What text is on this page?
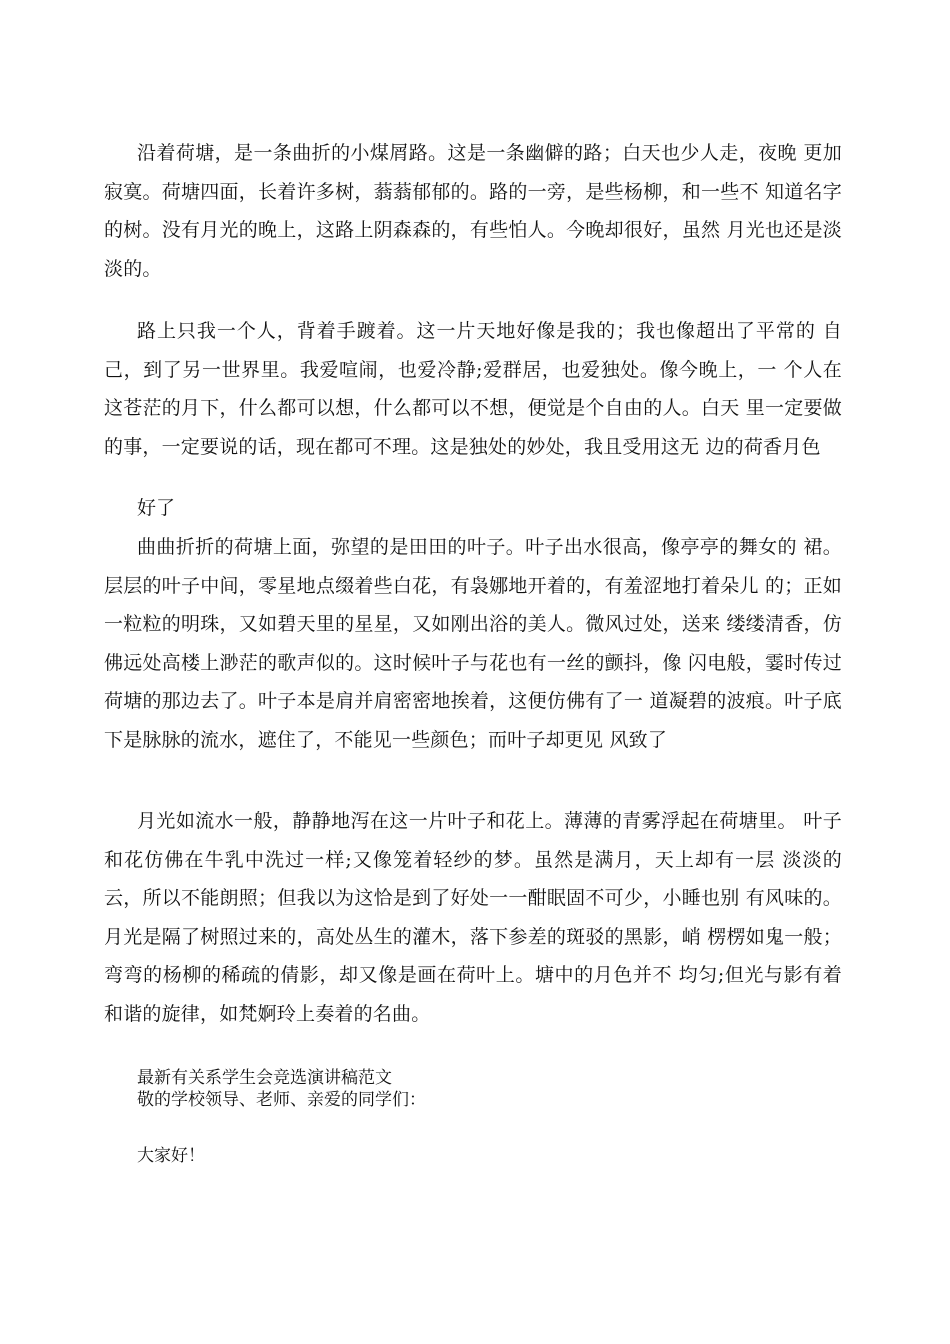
沿着荷塘，是一条曲折的小煤屑路。这是一条幽僻的路；白天也少人走，夜晚 更加寂寞。荷塘四面，长着许多树，蓊蓊郁郁的。路的一旁，是些杨柳，和一些不 知道名字的树。没有月光的晚上，这路上阴森森的，有些怕人。今晚却很好，虽然 月光也还是淡淡的。

路上只我一个人，背着手踱着。这一片天地好像是我的；我也像超出了平常的 自己，到了另一世界里。我爱喧闹，也爱冷静;爱群居，也爱独处。像今晚上，一 个人在这苍茫的月下，什么都可以想，什么都可以不想，便觉是个自由的人。白天 里一定要做的事，一定要说的话，现在都可不理。这是独处的妙处，我且受用这无 边的荷香月色

好了

曲曲折折的荷塘上面，弥望的是田田的叶子。叶子出水很高，像亭亭的舞女的 裙。层层的叶子中间，零星地点缀着些白花，有袅娜地开着的，有羞涩地打着朵儿 的；正如一粒粒的明珠，又如碧天里的星星，又如刚出浴的美人。微风过处，送来 缕缕清香，仿佛远处高楼上渺茫的歌声似的。这时候叶子与花也有一丝的颤抖，像 闪电般，霎时传过荷塘的那边去了。叶子本是肩并肩密密地挨着，这便仿佛有了一 道凝碧的波痕。叶子底下是脉脉的流水，遮住了，不能见一些颜色；而叶子却更见 风致了

月光如流水一般，静静地泻在这一片叶子和花上。薄薄的青雾浮起在荷塘里。 叶子和花仿佛在牛乳中洗过一样;又像笼着轻纱的梦。虽然是满月，天上却有一层 淡淡的云，所以不能朗照；但我以为这恰是到了好处一一酣眠固不可少，小睡也别 有风味的。月光是隔了树照过来的，高处丛生的灌木，落下参差的斑驳的黑影，峭 楞楞如鬼一般；弯弯的杨柳的稀疏的倩影，却又像是画在荷叶上。塘中的月色并不 均匀;但光与影有着和谐的旋律，如梵婀玲上奏着的名曲。

最新有关系学生会竞选演讲稿范文

敬的学校领导、老师、亲爱的同学们：

大家好！
